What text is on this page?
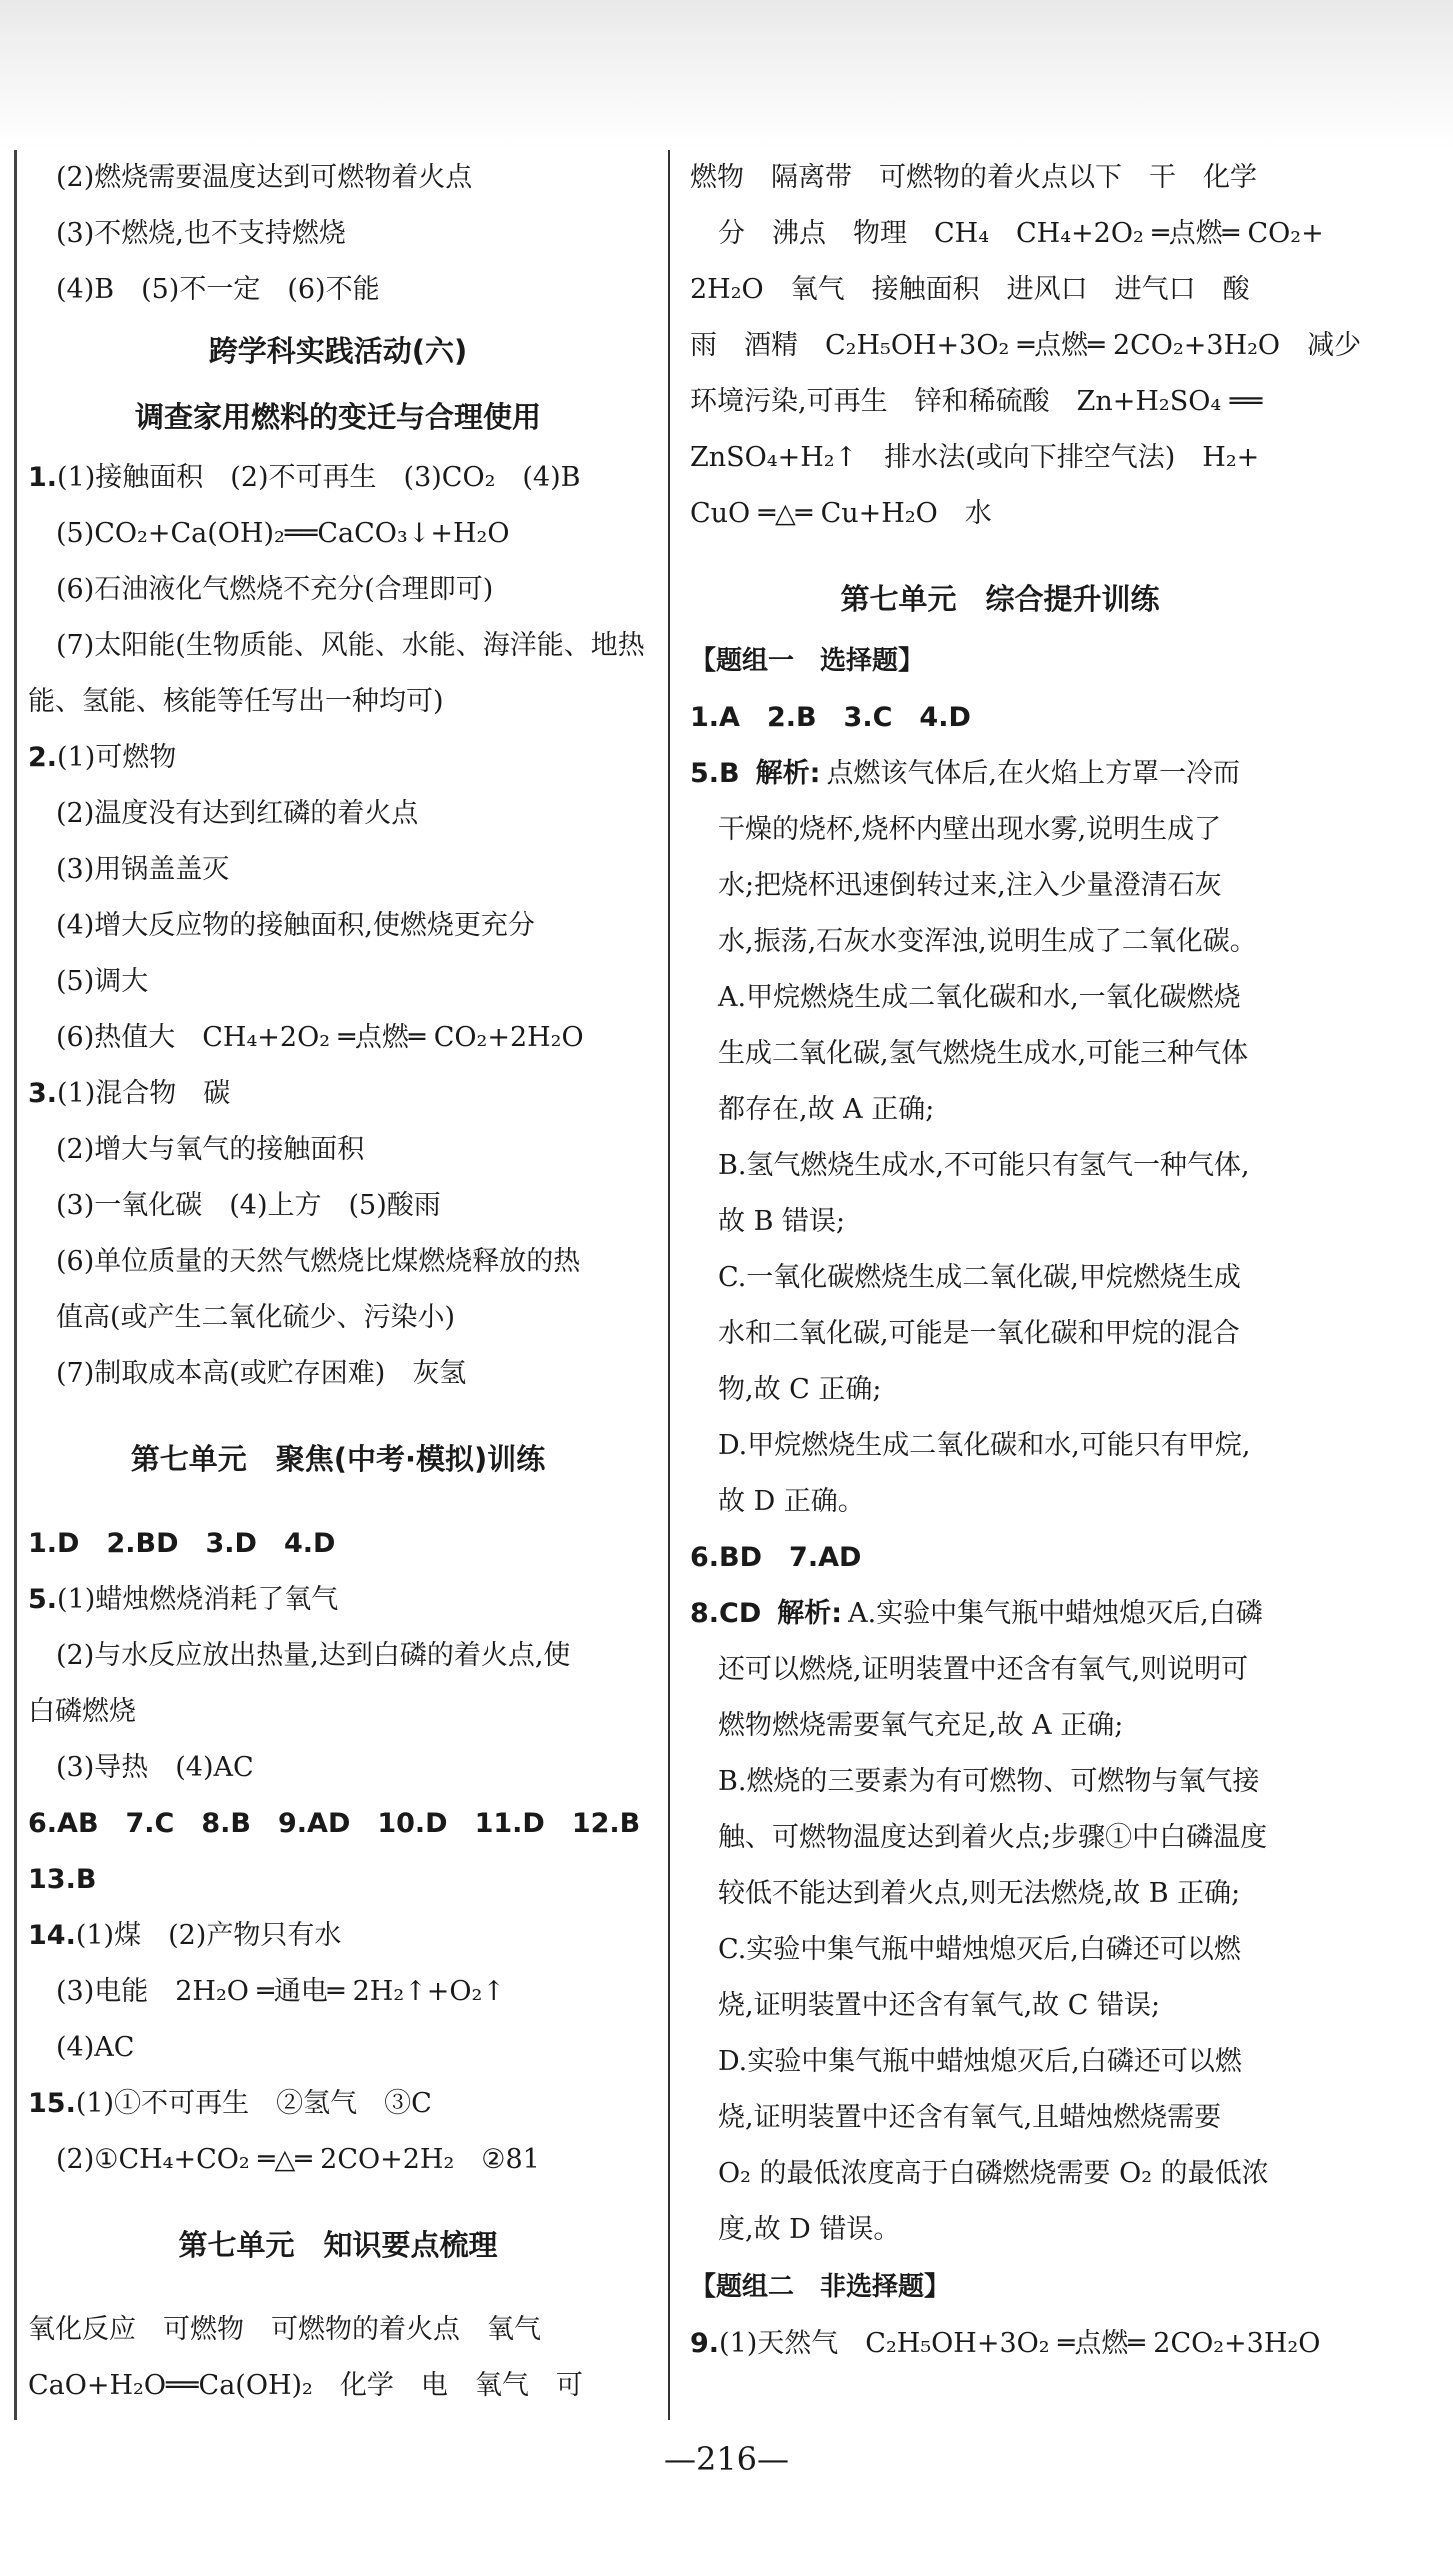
(2)燃烧需要温度达到可燃物着火点
(3)不燃烧,也不支持燃烧
(4)B　(5)不一定　(6)不能
跨学科实践活动(六)
调查家用燃料的变迁与合理使用
1.(1)接触面积　(2)不可再生　(3)CO₂　(4)B
(5)CO₂+Ca(OH)₂══CaCO₃↓+H₂O
(6)石油液化气燃烧不充分(合理即可)
(7)太阳能(生物质能、风能、水能、海洋能、地热
能、氢能、核能等任写出一种均可)
2.(1)可燃物
(2)温度没有达到红磷的着火点
(3)用锅盖盖灭
(4)增大反应物的接触面积,使燃烧更充分
(5)调大
(6)热值大　CH₄+2O₂ ═点燃═ CO₂+2H₂O
3.(1)混合物　碳
(2)增大与氧气的接触面积
(3)一氧化碳　(4)上方　(5)酸雨
(6)单位质量的天然气燃烧比煤燃烧释放的热
值高(或产生二氧化硫少、污染小)
(7)制取成本高(或贮存困难)　灰氢
第七单元　聚焦(中考·模拟)训练
1.D　2.BD　3.D　4.D
5.(1)蜡烛燃烧消耗了氧气
(2)与水反应放出热量,达到白磷的着火点,使
白磷燃烧
(3)导热　(4)AC
6.AB　7.C　8.B　9.AD　10.D　11.D　12.B
13.B
14.(1)煤　(2)产物只有水
(3)电能　2H₂O ═通电═ 2H₂↑+O₂↑
(4)AC
15.(1)①不可再生　②氢气　③C
(2)①CH₄+CO₂ ═△═ 2CO+2H₂　②81
第七单元　知识要点梳理
氧化反应　可燃物　可燃物的着火点　氧气
CaO+H₂O══Ca(OH)₂　化学　电　氧气　可
燃物　隔离带　可燃物的着火点以下　干　化学
分　沸点　物理　CH₄　CH₄+2O₂ ═点燃═ CO₂+
2H₂O　氧气　接触面积　进风口　进气口　酸
雨　酒精　C₂H₅OH+3O₂ ═点燃═ 2CO₂+3H₂O　减少
环境污染,可再生　锌和稀硫酸　Zn+H₂SO₄ ══
ZnSO₄+H₂↑　排水法(或向下排空气法)　H₂+
CuO ═△═ Cu+H₂O　水
第七单元　综合提升训练
【题组一　选择题】
1.A　2.B　3.C　4.D
5.B 解析: 点燃该气体后,在火焰上方罩一冷而
干燥的烧杯,烧杯内壁出现水雾,说明生成了
水;把烧杯迅速倒转过来,注入少量澄清石灰
水,振荡,石灰水变浑浊,说明生成了二氧化碳。
A.甲烷燃烧生成二氧化碳和水,一氧化碳燃烧
生成二氧化碳,氢气燃烧生成水,可能三种气体
都存在,故 A 正确;
B.氢气燃烧生成水,不可能只有氢气一种气体,
故 B 错误;
C.一氧化碳燃烧生成二氧化碳,甲烷燃烧生成
水和二氧化碳,可能是一氧化碳和甲烷的混合
物,故 C 正确;
D.甲烷燃烧生成二氧化碳和水,可能只有甲烷,
故 D 正确。
6.BD　7.AD
8.CD 解析: A.实验中集气瓶中蜡烛熄灭后,白磷
还可以燃烧,证明装置中还含有氧气,则说明可
燃物燃烧需要氧气充足,故 A 正确;
B.燃烧的三要素为有可燃物、可燃物与氧气接
触、可燃物温度达到着火点;步骤①中白磷温度
较低不能达到着火点,则无法燃烧,故 B 正确;
C.实验中集气瓶中蜡烛熄灭后,白磷还可以燃
烧,证明装置中还含有氧气,故 C 错误;
D.实验中集气瓶中蜡烛熄灭后,白磷还可以燃
烧,证明装置中还含有氧气,且蜡烛燃烧需要
O₂ 的最低浓度高于白磷燃烧需要 O₂ 的最低浓
度,故 D 错误。
【题组二　非选择题】
9.(1)天然气　C₂H₅OH+3O₂ ═点燃═ 2CO₂+3H₂O
—216—
